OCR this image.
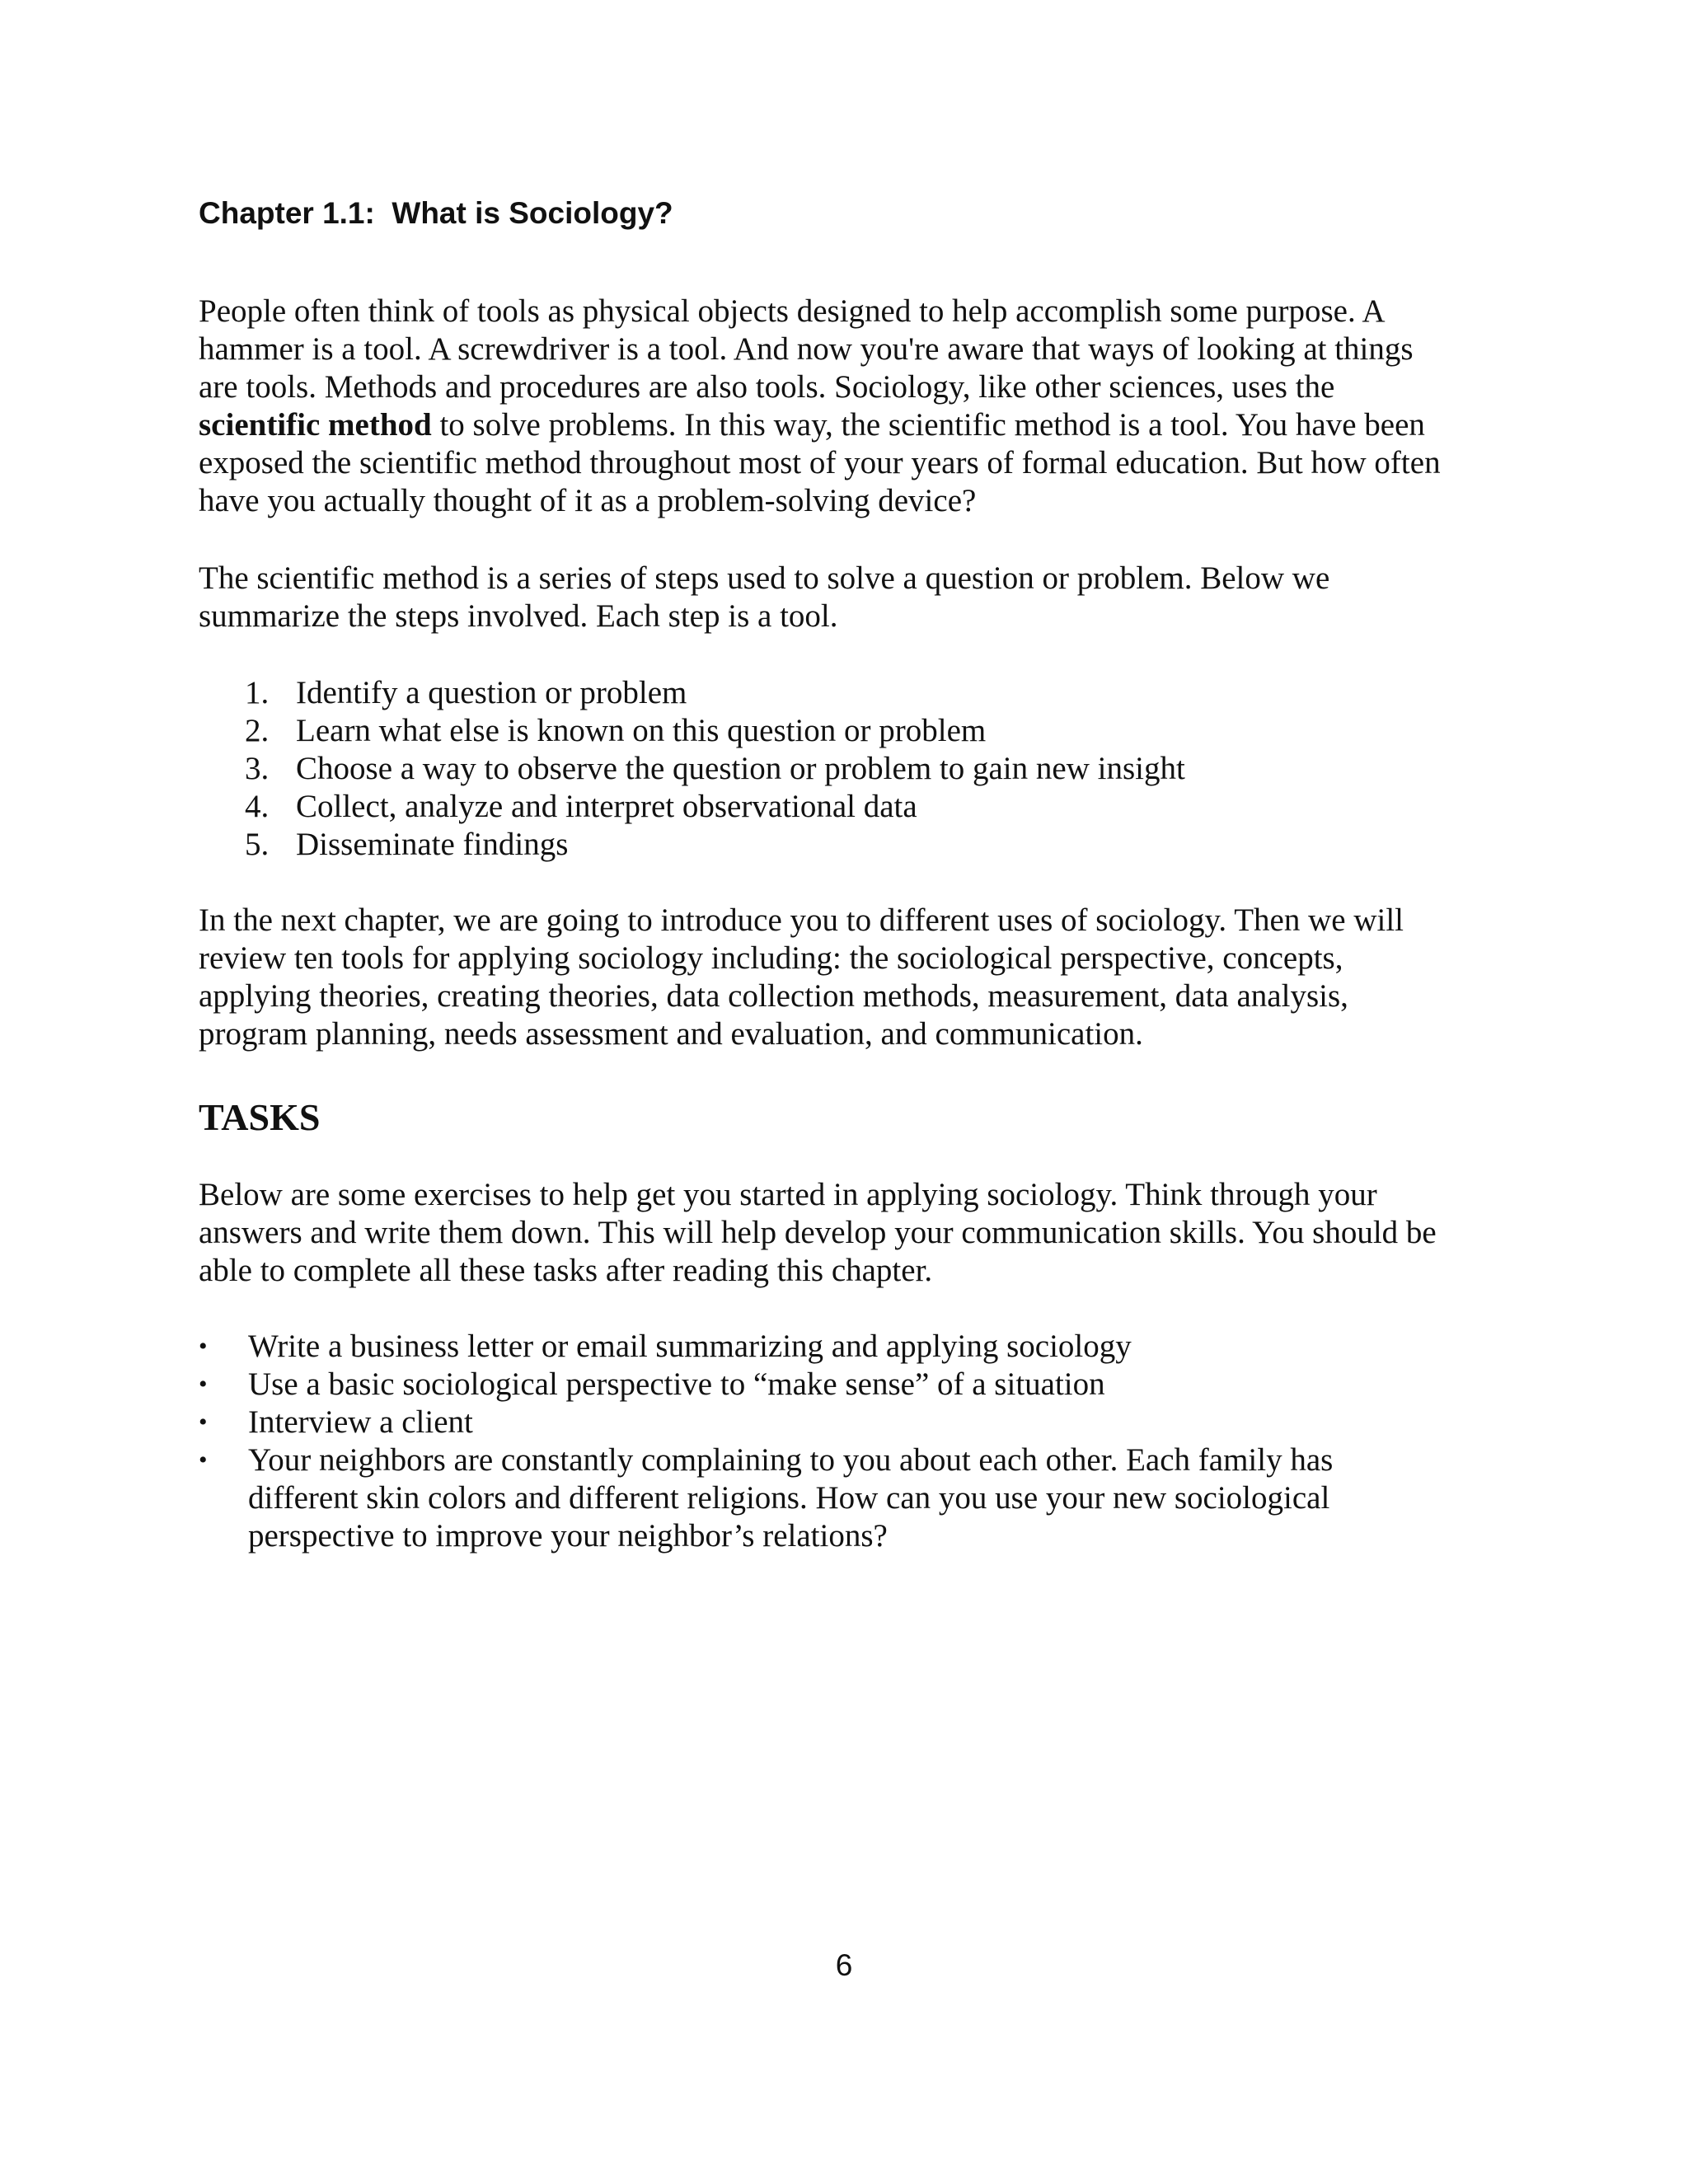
Chapter 1.1:  What is Sociology?
People often think of tools as physical objects designed to help accomplish some purpose. A
hammer is a tool. A screwdriver is a tool. And now you're aware that ways of looking at things
are tools. Methods and procedures are also tools. Sociology, like other sciences, uses the
scientific method to solve problems. In this way, the scientific method is a tool. You have been
exposed the scientific method throughout most of your years of formal education. But how often
have you actually thought of it as a problem-solving device?
The scientific method is a series of steps used to solve a question or problem. Below we
summarize the steps involved. Each step is a tool.
1. Identify a question or problem
2. Learn what else is known on this question or problem
3. Choose a way to observe the question or problem to gain new insight
4. Collect, analyze and interpret observational data
5. Disseminate findings
In the next chapter, we are going to introduce you to different uses of sociology. Then we will
review ten tools for applying sociology including: the sociological perspective, concepts,
applying theories, creating theories, data collection methods, measurement, data analysis,
program planning, needs assessment and evaluation, and communication.
TASKS
Below are some exercises to help get you started in applying sociology. Think through your
answers and write them down. This will help develop your communication skills. You should be
able to complete all these tasks after reading this chapter.
• Write a business letter or email summarizing and applying sociology
• Use a basic sociological perspective to “make sense” of a situation
• Interview a client
• Your neighbors are constantly complaining to you about each other. Each family has
different skin colors and different religions. How can you use your new sociological
perspective to improve your neighbor’s relations?
6
